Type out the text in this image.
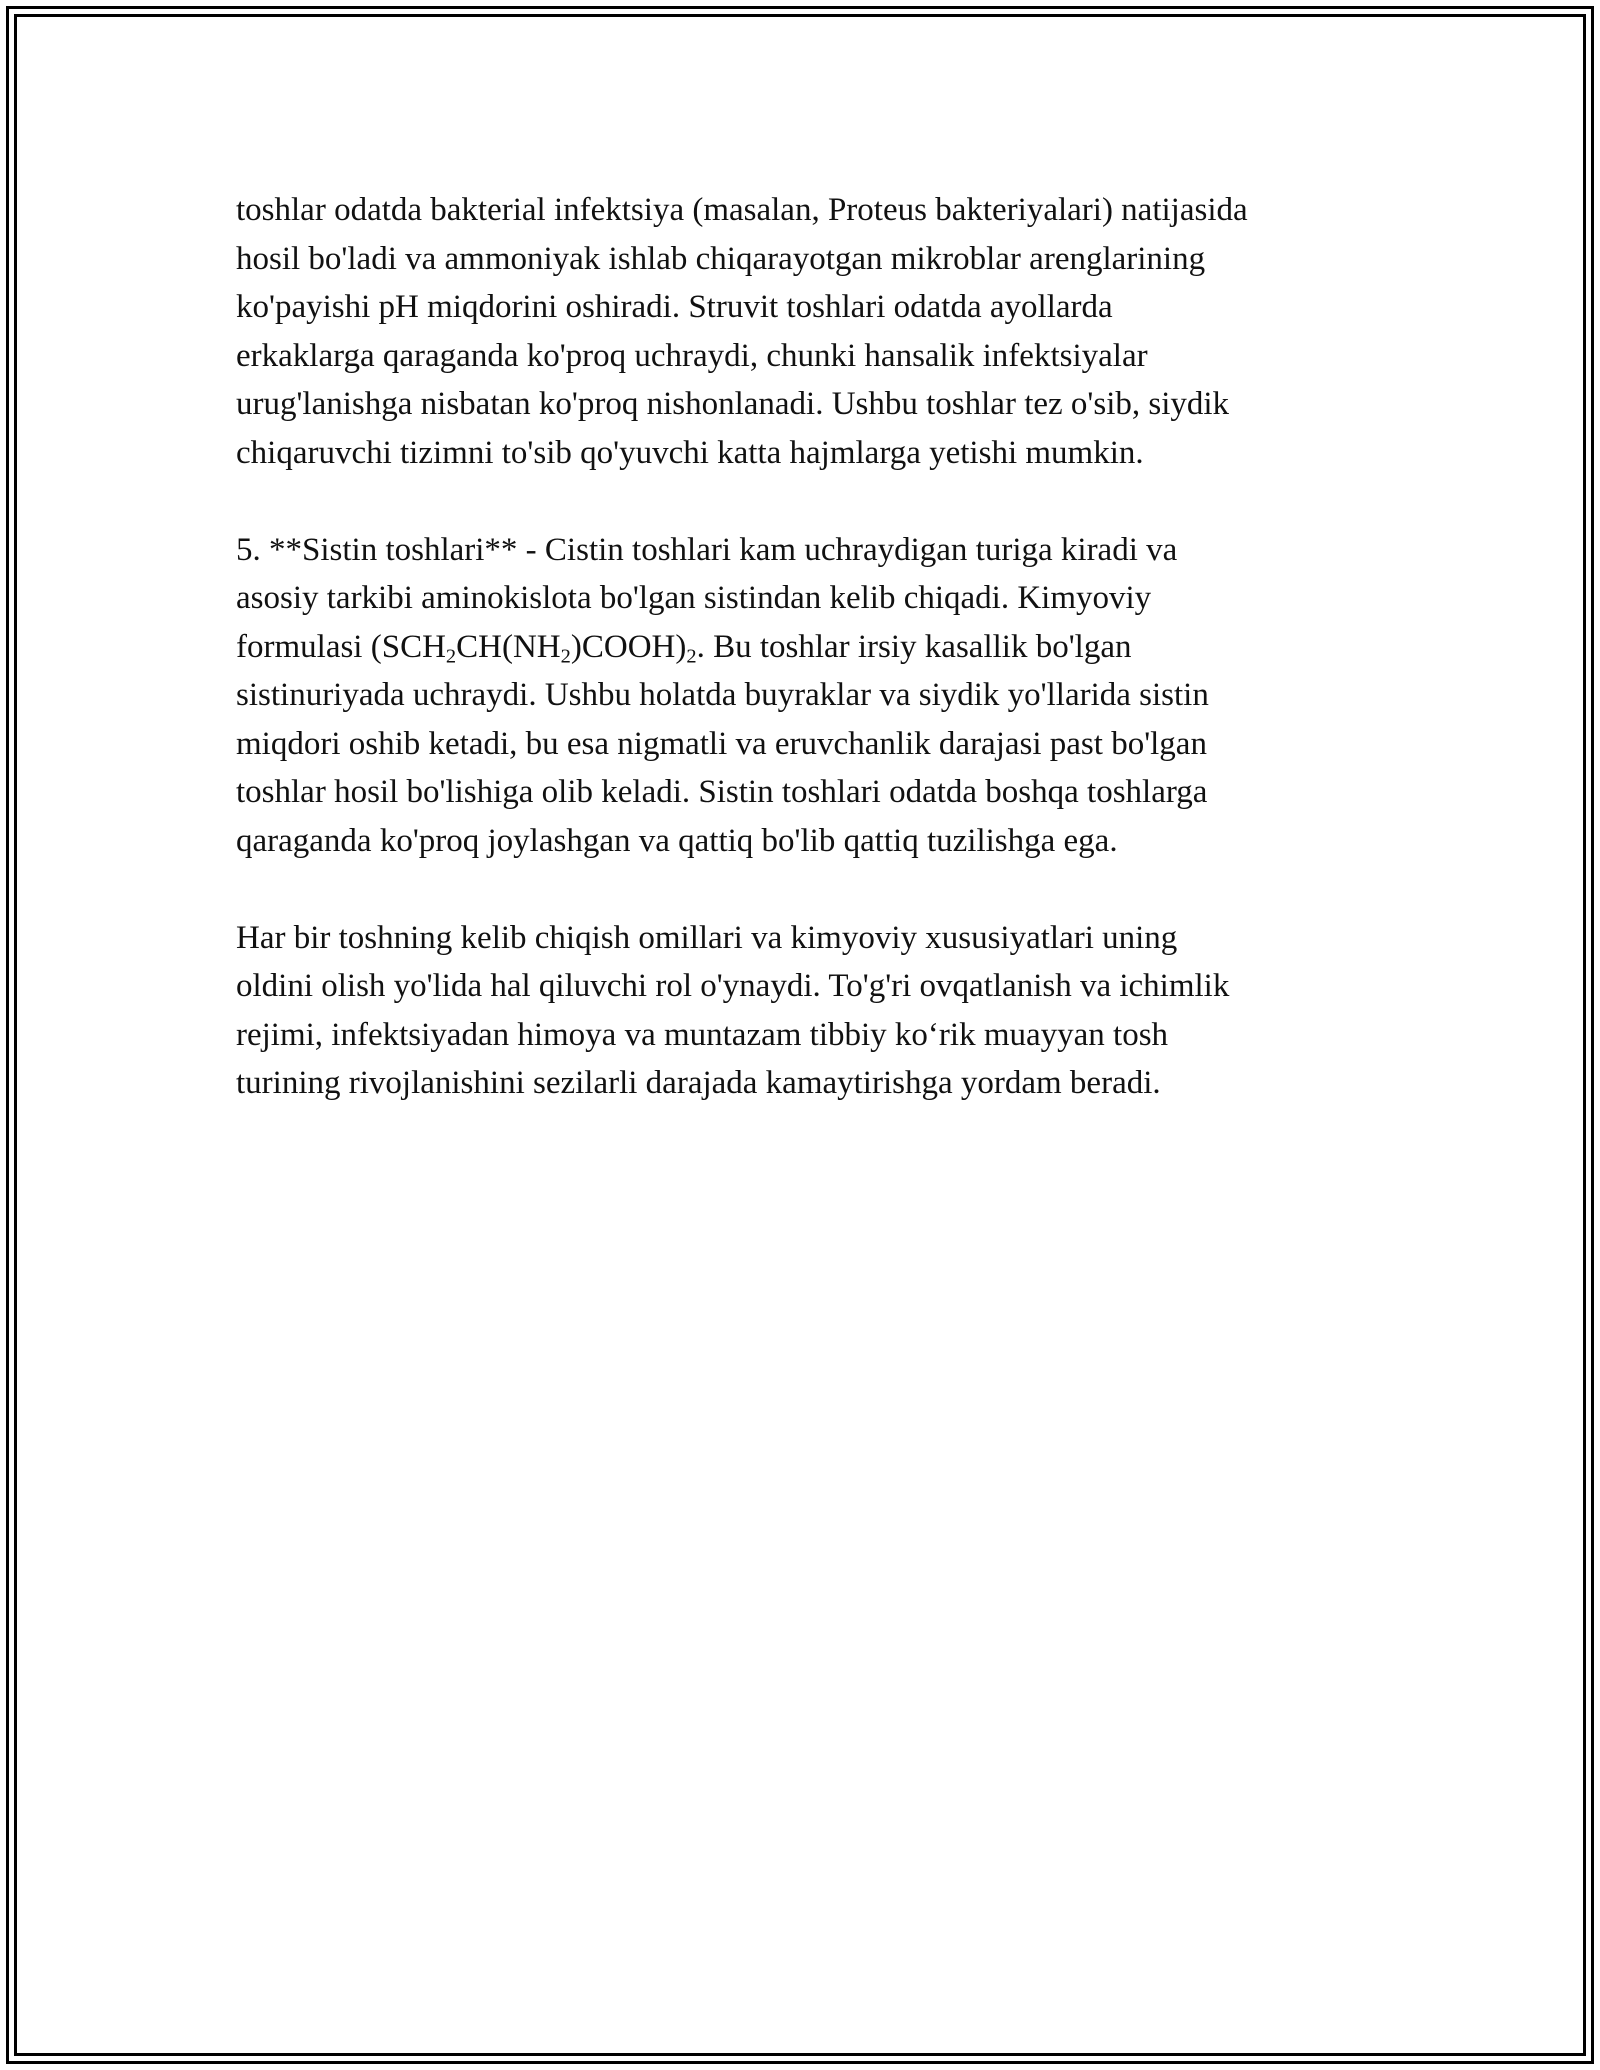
toshlar odatda bakterial infektsiya (masalan, Proteus bakteriyalari) natijasida
hosil bo'ladi va ammoniyak ishlab chiqarayotgan mikroblar arenglarining
ko'payishi pH miqdorini oshiradi. Struvit toshlari odatda ayollarda
erkaklarga qaraganda ko'proq uchraydi, chunki hansalik infektsiyalar
urug'lanishga nisbatan ko'proq nishonlanadi. Ushbu toshlar tez o'sib, siydik
chiqaruvchi tizimni to'sib qo'yuvchi katta hajmlarga yetishi mumkin.

5. **Sistin toshlari** - Cistin toshlari kam uchraydigan turiga kiradi va
asosiy tarkibi aminokislota bo'lgan sistindan kelib chiqadi. Kimyoviy
formulasi $(SCH_2CH(NH_2)COOH)_2$. Bu toshlar irsiy kasallik bo'lgan
sistinuriyada uchraydi. Ushbu holatda buyraklar va siydik yo'llarida sistin
miqdori oshib ketadi, bu esa nigmatli va eruvchanlik darajasi past bo'lgan
toshlar hosil bo'lishiga olib keladi. Sistin toshlari odatda boshqa toshlarga
qaraganda ko'proq joylashgan va qattiq bo'lib qattiq tuzilishga ega.

Har bir toshning kelib chiqish omillari va kimyoviy xususiyatlari uning
oldini olish yo'lida hal qiluvchi rol o'ynaydi. To'g'ri ovqatlanish va ichimlik
rejimi, infektsiyadan himoya va muntazam tibbiy ko‘rik muayyan tosh
turining rivojlanishini sezilarli darajada kamaytirishga yordam beradi.
